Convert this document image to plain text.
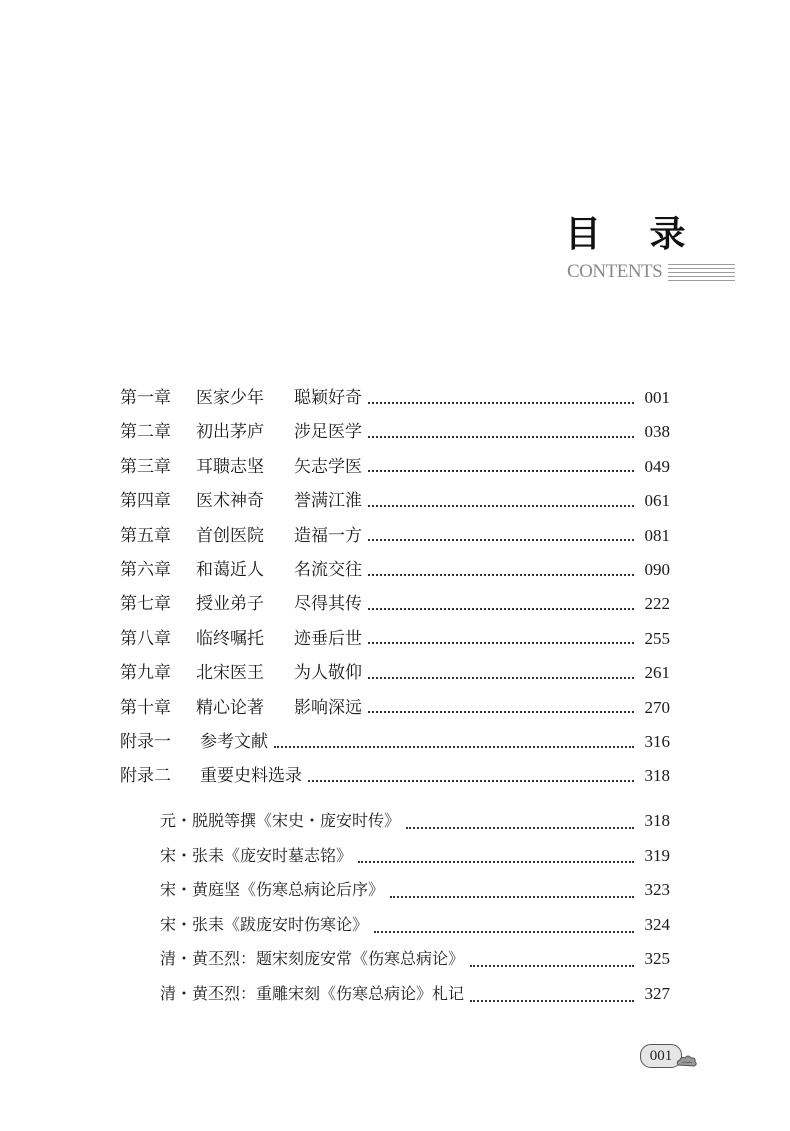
目 录
CONTENTS
第一章	医家少年	聪颖好奇	001
第二章	初出茅庐	涉足医学	038
第三章	耳聩志坚	矢志学医	049
第四章	医术神奇	誉满江淮	061
第五章	首创医院	造福一方	081
第六章	和蔼近人	名流交往	090
第七章	授业弟子	尽得其传	222
第八章	临终嘱托	迹垂后世	255
第九章	北宋医王	为人敬仰	261
第十章	精心论著	影响深远	270
附录一	参考文献	316
附录二	重要史料选录	318
元・脱脱等撰《宋史・庞安时传》	318
宋・张耒《庞安时墓志铭》	319
宋・黄庭坚《伤寒总病论后序》	323
宋・张耒《跋庞安时伤寒论》	324
清・黄丕烈：题宋刻庞安常《伤寒总病论》	325
清・黄丕烈：重雕宋刻《伤寒总病论》札记	327
001
